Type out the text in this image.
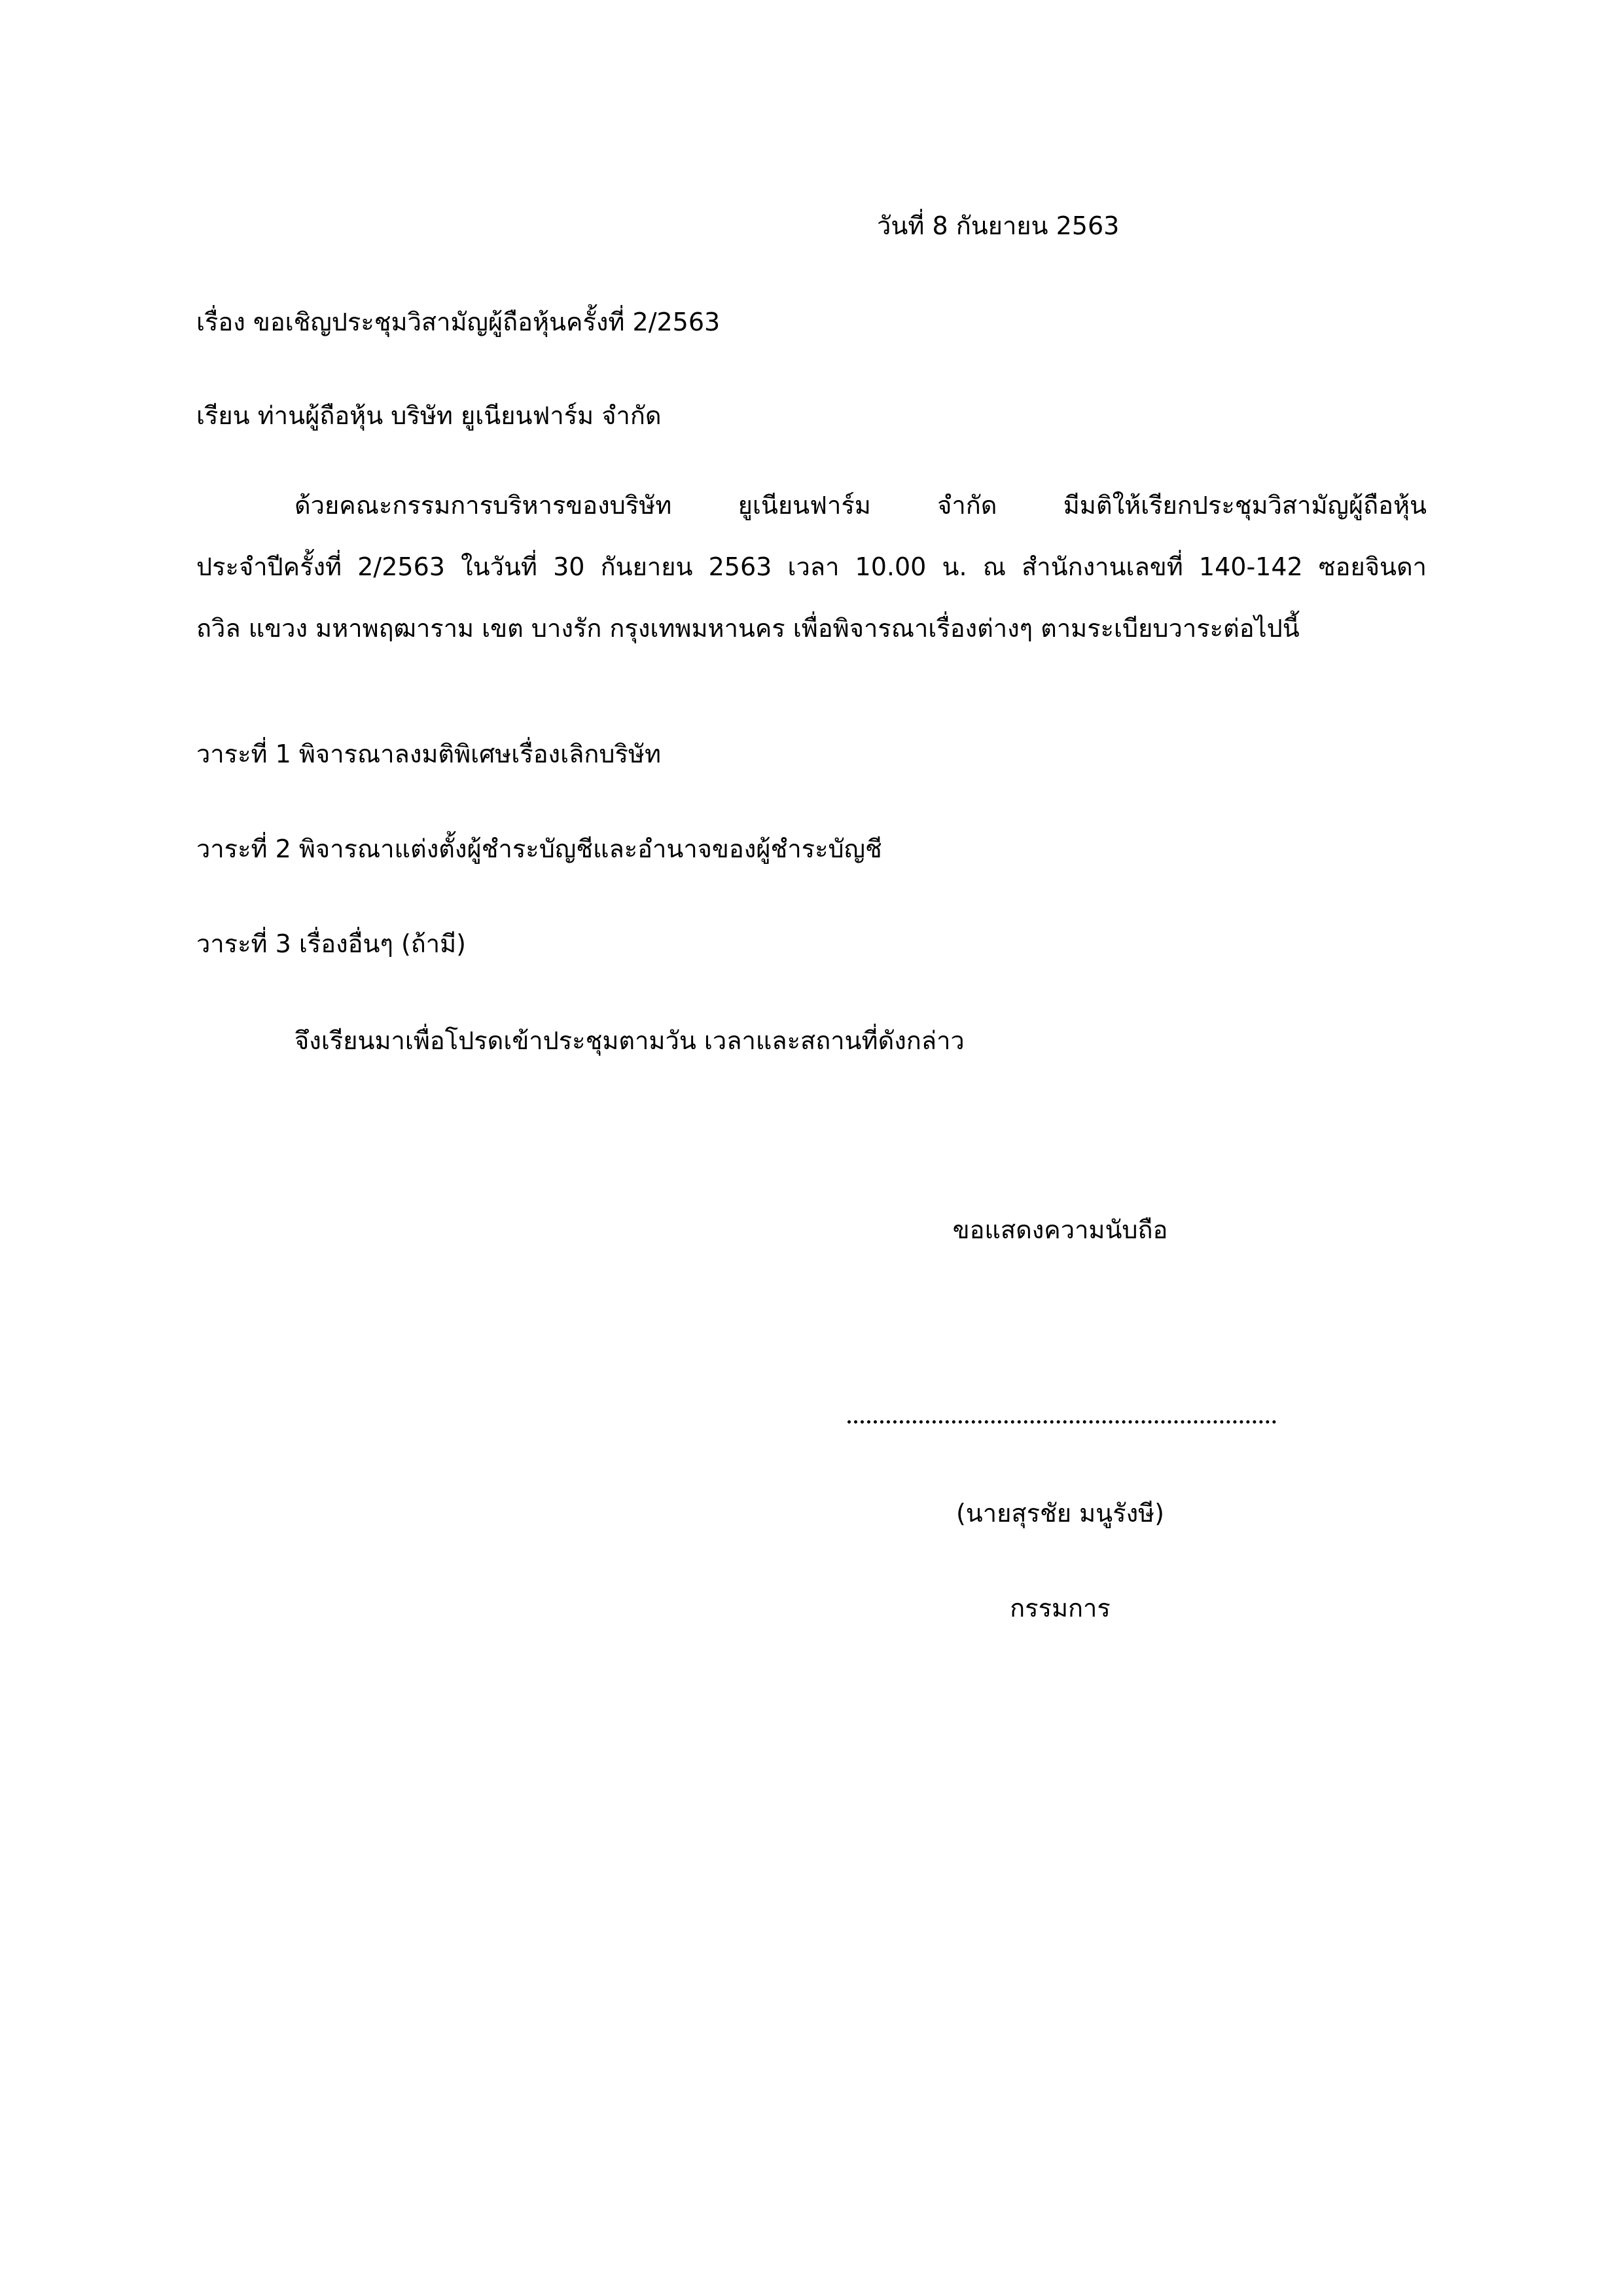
วันที่ 8 กันยายน 2563
เรื่อง ขอเชิญประชุมวิสามัญผู้ถือหุ้นครั้งที่ 2/2563
เรียน ท่านผู้ถือหุ้น บริษัท ยูเนียนฟาร์ม จำกัด
ด้วยคณะกรรมการบริหารของบริษัท ยูเนียนฟาร์ม จำกัด มีมติให้เรียกประชุมวิสามัญผู้ถือหุ้น
ประจำปีครั้งที่ 2/2563 ในวันที่ 30 กันยายน 2563 เวลา 10.00 น. ณ สำนักงานเลขที่ 140-142 ซอยจินดา
ถวิล แขวง มหาพฤฒาราม เขต บางรัก กรุงเทพมหานคร เพื่อพิจารณาเรื่องต่างๆ ตามระเบียบวาระต่อไปนี้
วาระที่ 1 พิจารณาลงมติพิเศษเรื่องเลิกบริษัท
วาระที่ 2 พิจารณาแต่งตั้งผู้ชำระบัญชีและอำนาจของผู้ชำระบัญชี
วาระที่ 3 เรื่องอื่นๆ (ถ้ามี)
จึงเรียนมาเพื่อโปรดเข้าประชุมตามวัน เวลาและสถานที่ดังกล่าว
ขอแสดงความนับถือ
(นายสุรชัย มนูรังษี)
กรรมการ
